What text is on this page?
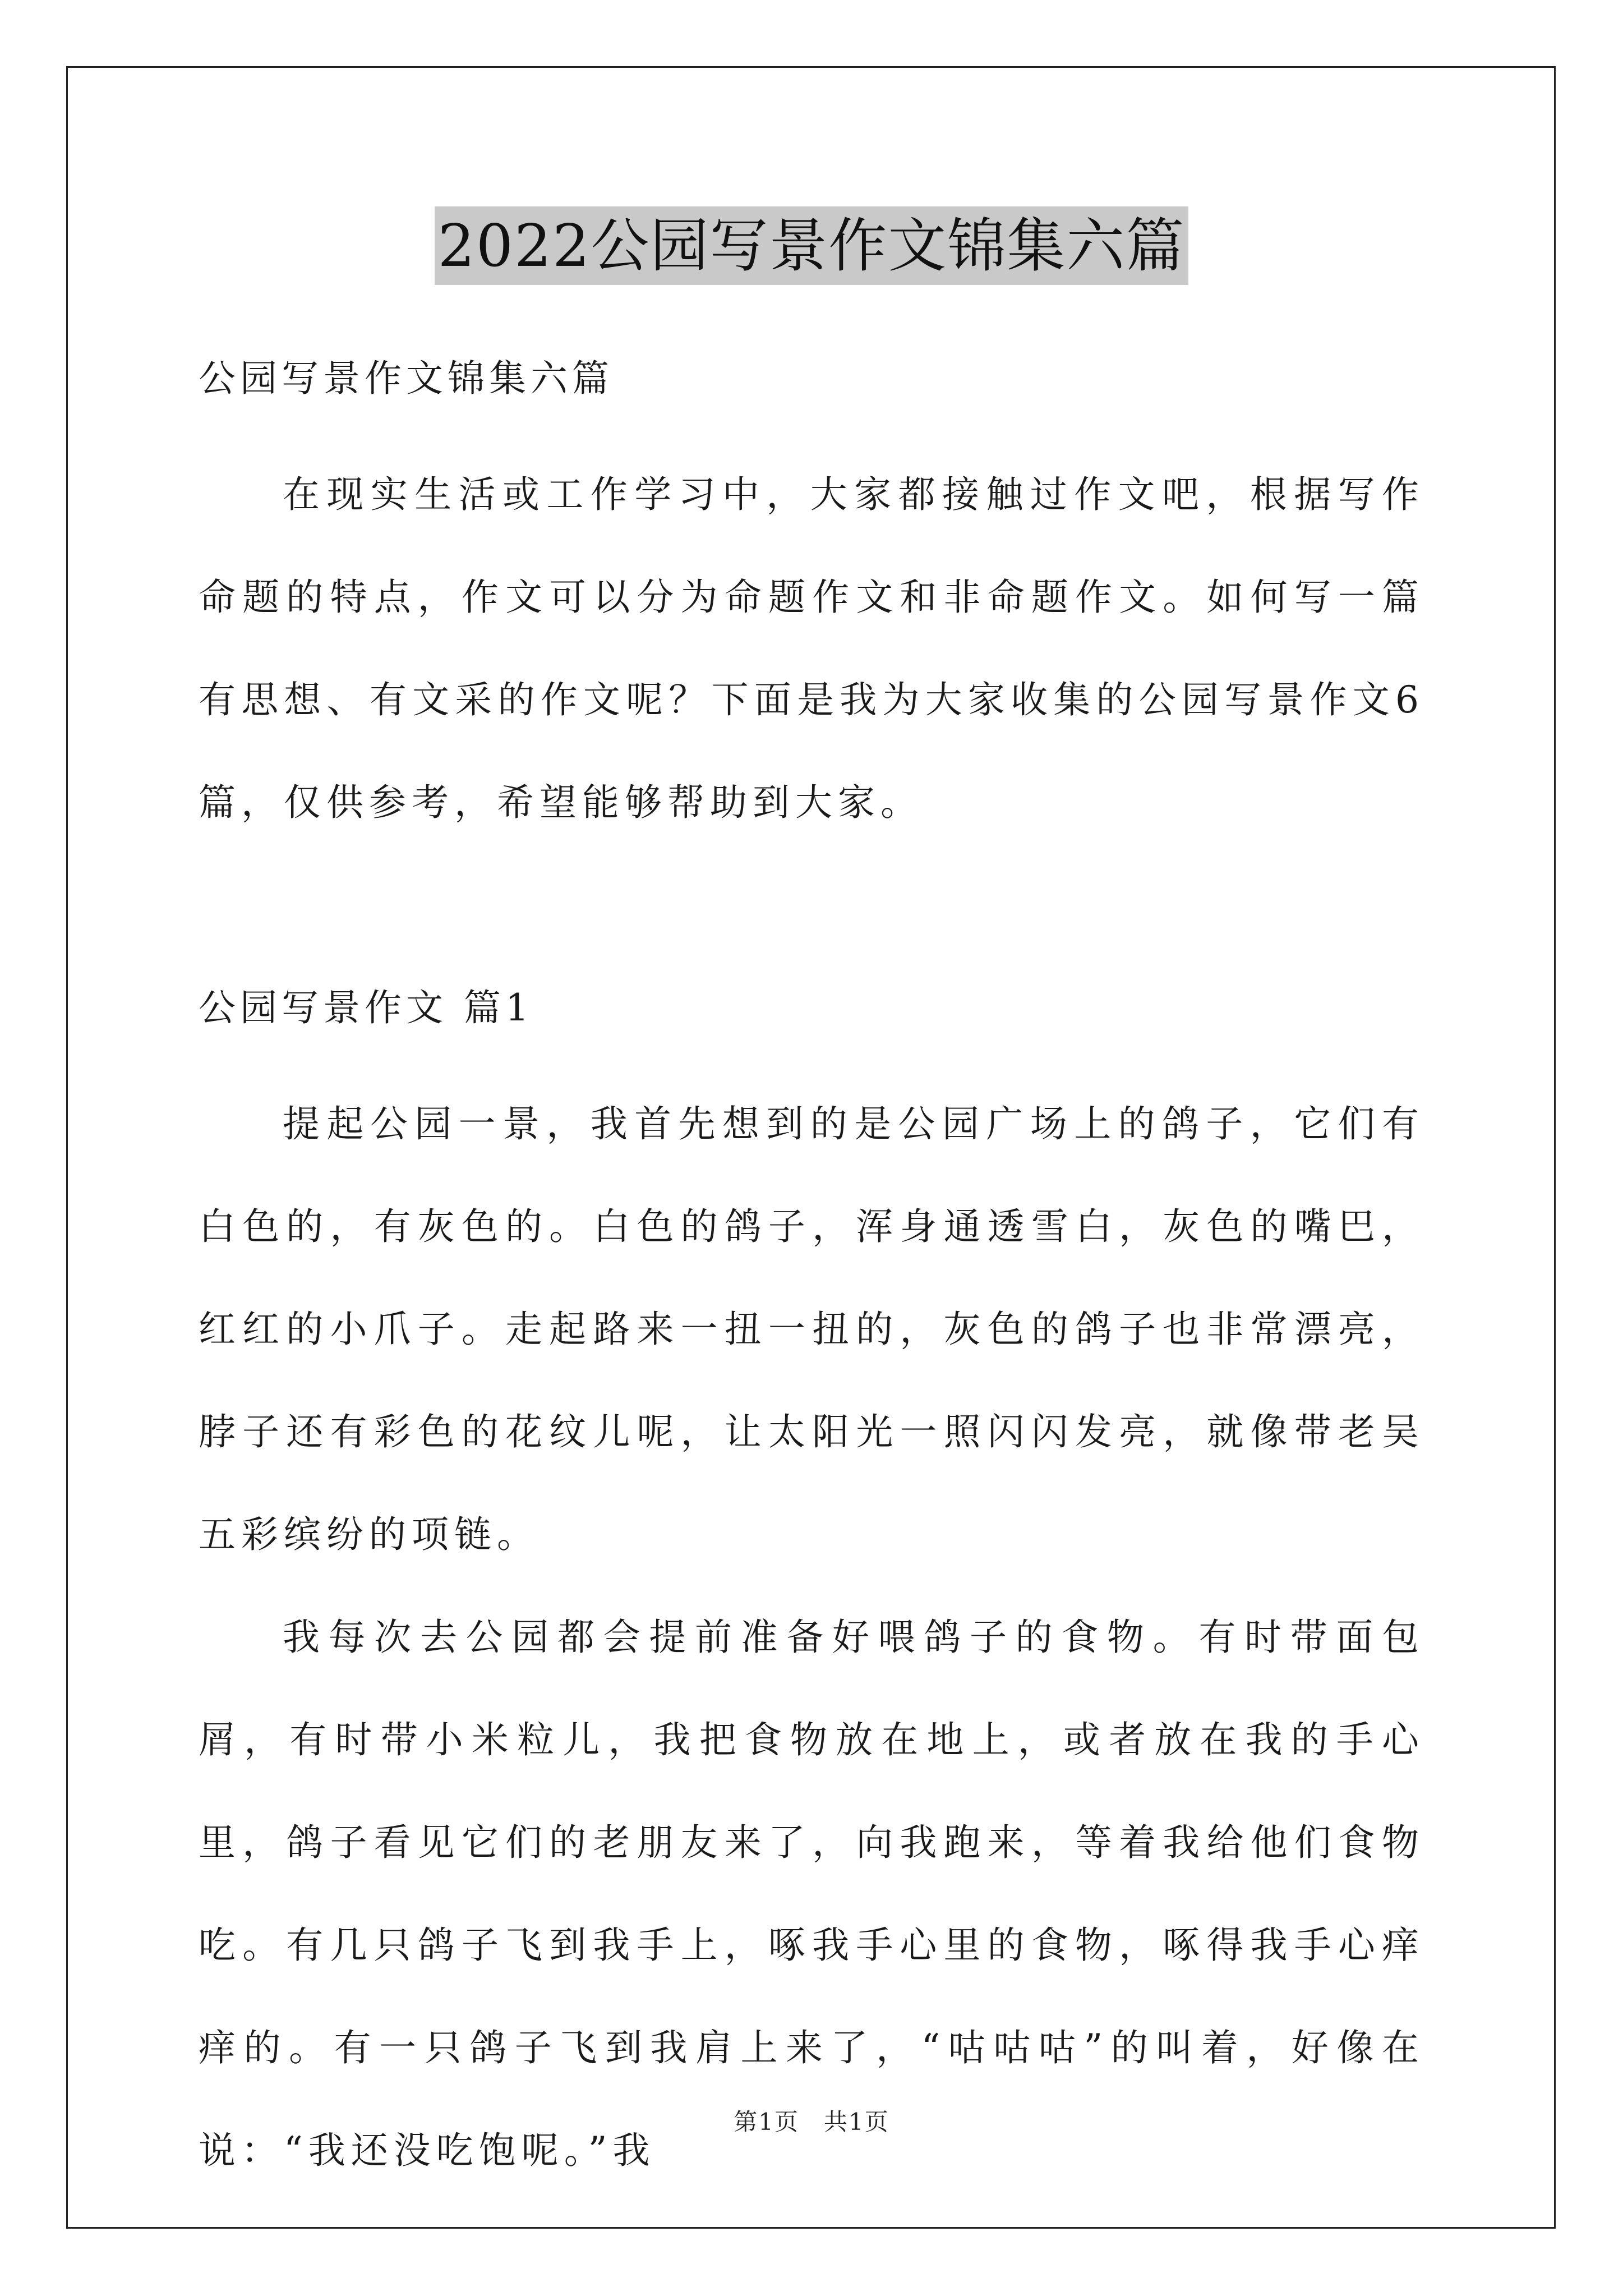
2022公园写景作文锦集六篇
公园写景作文锦集六篇

在现实生活或工作学习中，大家都接触过作文吧，根据写作命题的特点，作文可以分为命题作文和非命题作文。如何写一篇有思想、有文采的作文呢？下面是我为大家收集的公园写景作文6篇，仅供参考，希望能够帮助到大家。

公园写景作文 篇1

提起公园一景，我首先想到的是公园广场上的鸽子，它们有白色的，有灰色的。白色的鸽子，浑身通透雪白，灰色的嘴巴，红红的小爪子。走起路来一扭一扭的，灰色的鸽子也非常漂亮，脖子还有彩色的花纹儿呢，让太阳光一照闪闪发亮，就像带老吴五彩缤纷的项链。

我每次去公园都会提前准备好喂鸽子的食物。有时带面包屑，有时带小米粒儿，我把食物放在地上，或者放在我的手心里，鸽子看见它们的老朋友来了，向我跑来，等着我给他们食物吃。有几只鸽子飞到我手上，啄我手心里的食物，啄得我手心痒痒的。有一只鸽子飞到我肩上来了，“咕咕咕”的叫着，好像在说：“我还没吃饱呢。”我

第1页　共1页
